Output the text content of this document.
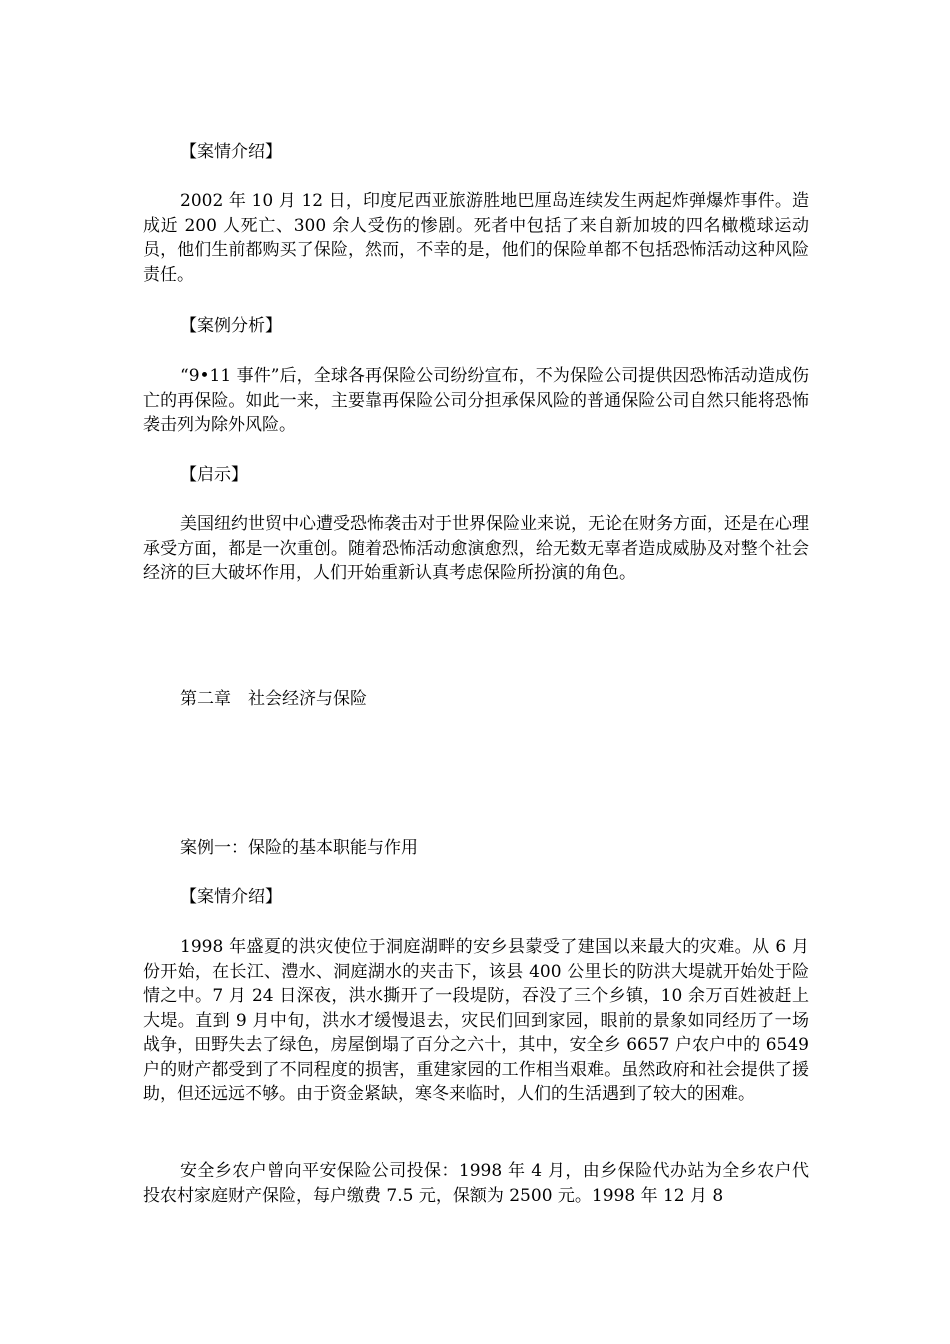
【案情介绍】

2002 年 10 月 12 日，印度尼西亚旅游胜地巴厘岛连续发生两起炸弹爆炸事件。造成近 200 人死亡、300 余人受伤的惨剧。死者中包括了来自新加坡的四名橄榄球运动员，他们生前都购买了保险，然而，不幸的是，他们的保险单都不包括恐怖活动这种风险责任。

【案例分析】

“9•11 事件”后，全球各再保险公司纷纷宣布，不为保险公司提供因恐怖活动造成伤亡的再保险。如此一来，主要靠再保险公司分担承保风险的普通保险公司自然只能将恐怖袭击列为除外风险。

【启示】

美国纽约世贸中心遭受恐怖袭击对于世界保险业来说，无论在财务方面，还是在心理承受方面，都是一次重创。随着恐怖活动愈演愈烈，给无数无辜者造成威胁及对整个社会经济的巨大破坏作用，人们开始重新认真考虑保险所扮演的角色。

第二章　社会经济与保险

案例一：保险的基本职能与作用

【案情介绍】

1998 年盛夏的洪灾使位于洞庭湖畔的安乡县蒙受了建国以来最大的灾难。从 6 月份开始，在长江、澧水、洞庭湖水的夹击下，该县 400 公里长的防洪大堤就开始处于险情之中。7 月 24 日深夜，洪水撕开了一段堤防，吞没了三个乡镇，10 余万百姓被赶上大堤。直到 9 月中旬，洪水才缓慢退去，灾民们回到家园，眼前的景象如同经历了一场战争，田野失去了绿色，房屋倒塌了百分之六十，其中，安全乡 6657 户农户中的 6549 户的财产都受到了不同程度的损害，重建家园的工作相当艰难。虽然政府和社会提供了援助，但还远远不够。由于资金紧缺，寒冬来临时，人们的生活遇到了较大的困难。

安全乡农户曾向平安保险公司投保：1998 年 4 月，由乡保险代办站为全乡农户代投农村家庭财产保险，每户缴费 7.5 元，保额为 2500 元。1998 年 12 月 8
